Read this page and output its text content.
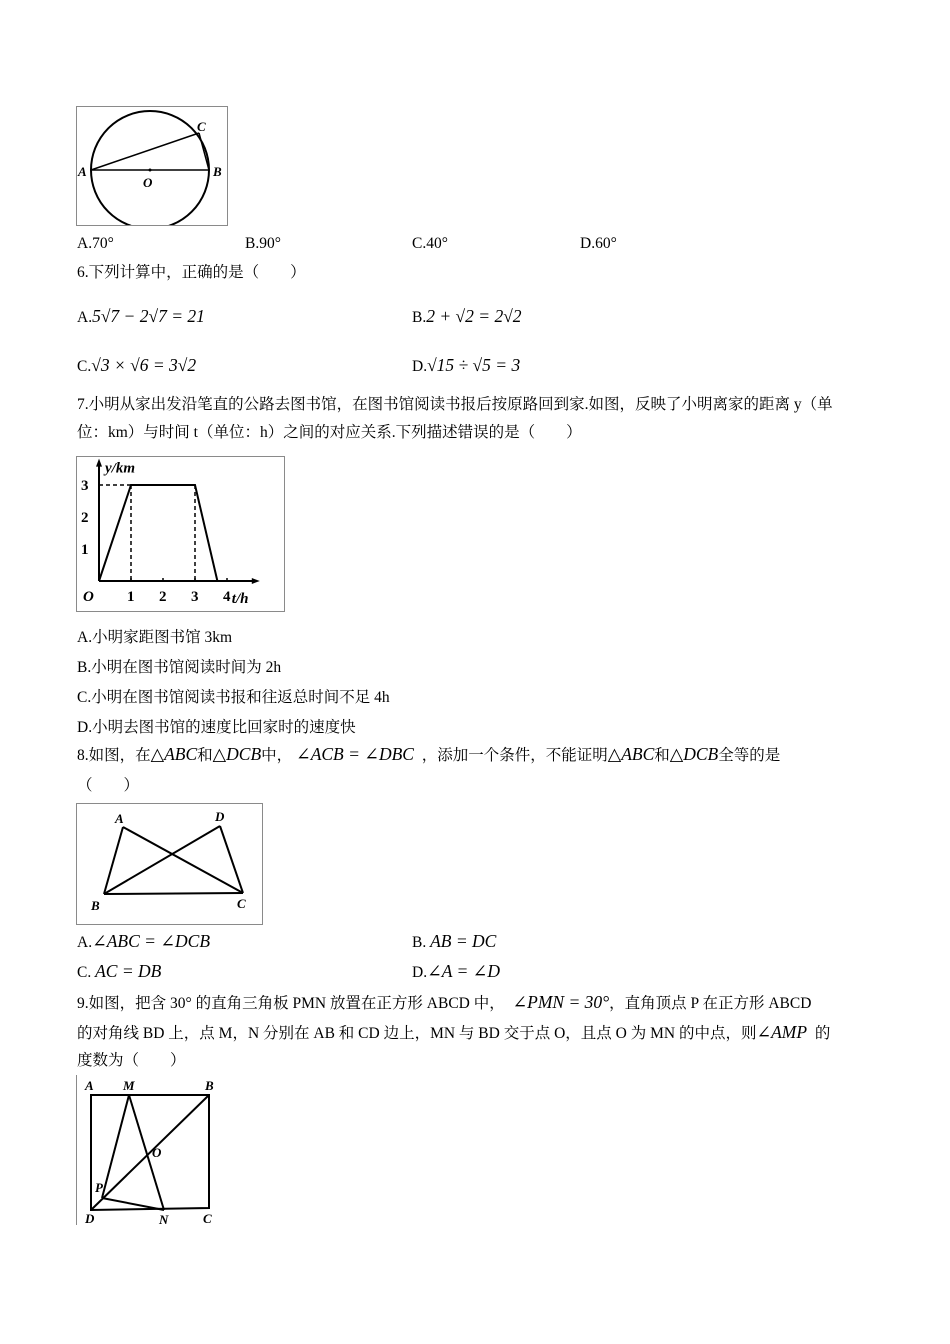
A	B
C
O
A.70°	B.90°	C.40°	D.60°
6.下列计算中，正确的是（　　）
A.5√7 − 2√7 = 21	B.2 + √2 = 2√2
C.√3 × √6 = 3√2	D.√15 ÷ √5 = 3
7.小明从家出发沿笔直的公路去图书馆，在图书馆阅读书报后按原路回到家.如图，反映了小明离家的距离 y（单
位：km）与时间 t（单位：h）之间的对应关系.下列描述错误的是（　　）
1 2 3 4
1
2
3
O	t/h
y/km
A.小明家距图书馆 3km
B.小明在图书馆阅读时间为 2h
C.小明在图书馆阅读书报和往返总时间不足 4h
D.小明去图书馆的速度比回家时的速度快
8.如图，在△ABC和△DCB中， ∠ACB = ∠DBC ，添加一个条件，不能证明△ABC和△DCB全等的是
（　　）
A
B	C
D
A.∠ABC = ∠DCB	B. AB = DC
C. AC = DB	D.∠A = ∠D
9.如图，把含 30° 的直角三角板 PMN 放置在正方形 ABCD 中， ∠PMN = 30°，直角顶点 P 在正方形 ABCD
的对角线 BD 上，点 M，N 分别在 AB 和 CD 边上，MN 与 BD 交于点 O，且点 O 为 MN 的中点，则∠AMP 的
度数为（　　）
A M	B
O
P
D	N	C
